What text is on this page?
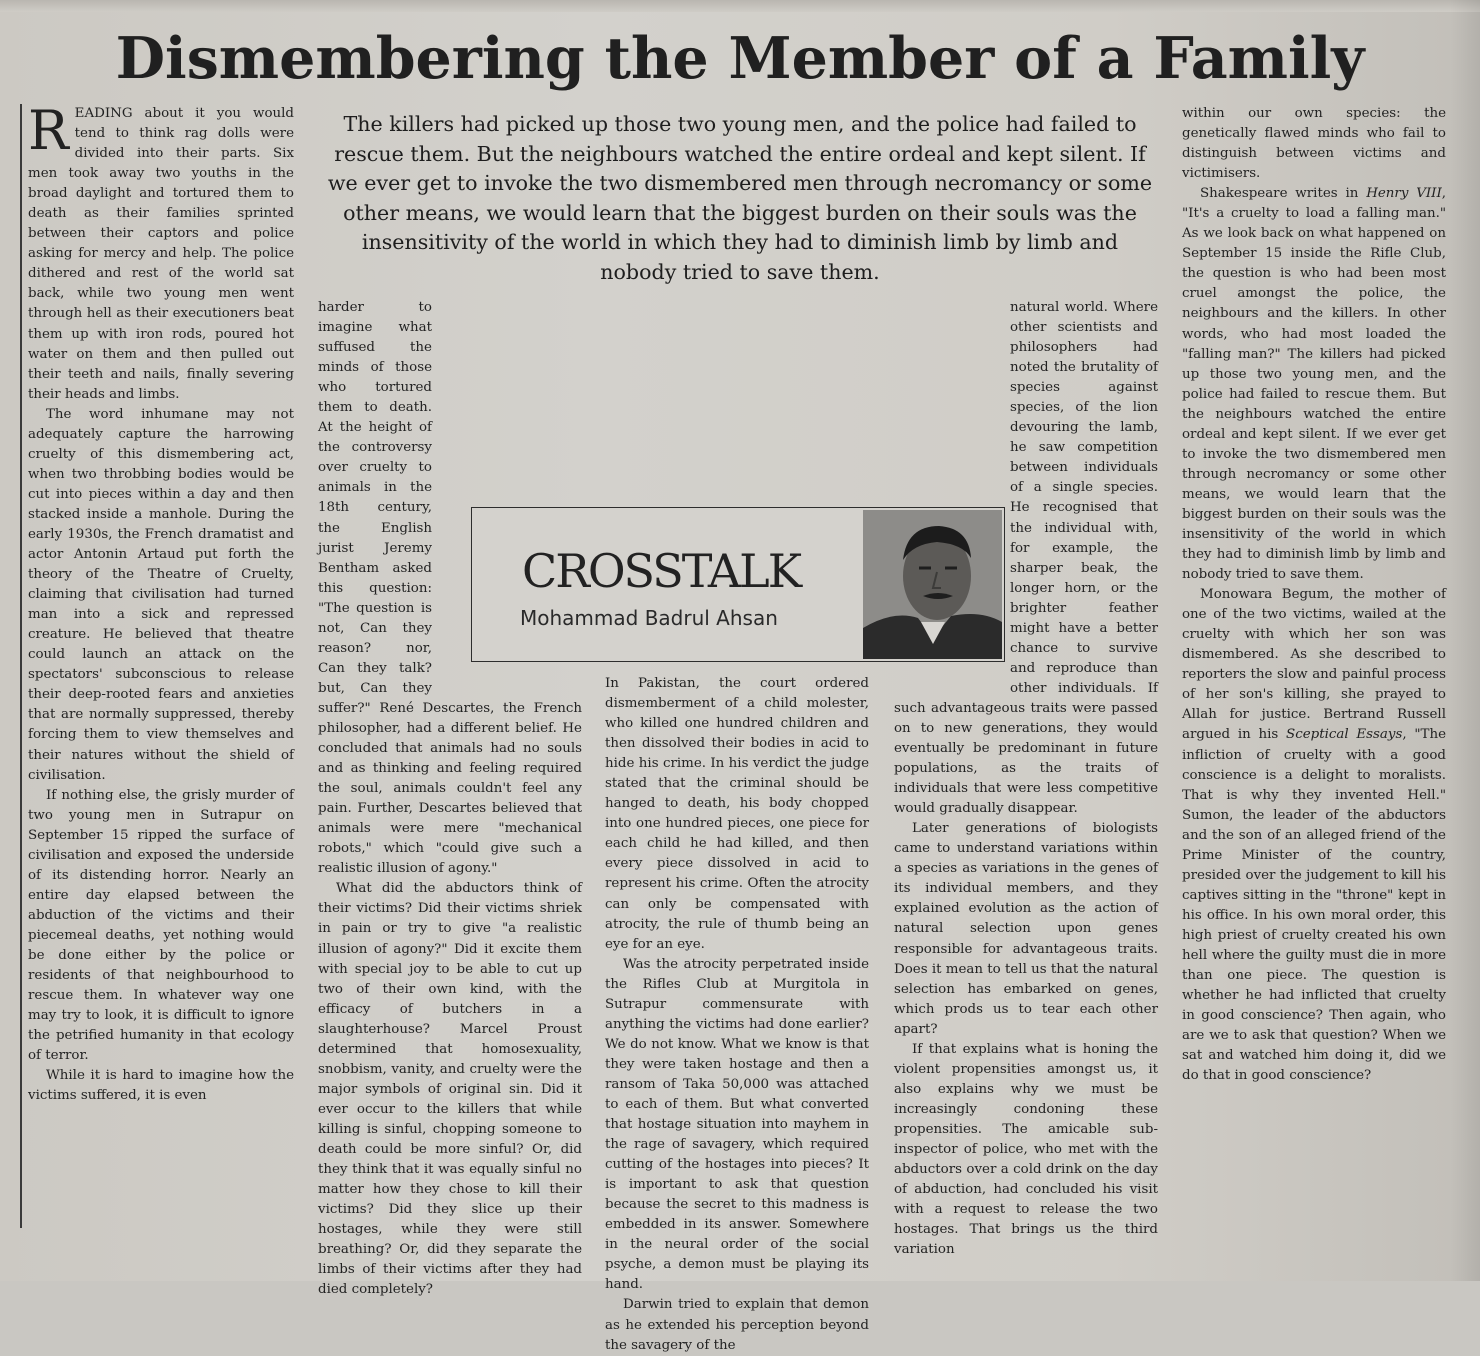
Dismembering the Member of a Family

READING about it you would tend to think rag dolls were divided into their parts. Six men took away two youths in the broad daylight and tortured them to death as their families sprinted between their captors and police asking for mercy and help. The police dithered and rest of the world sat back, while two young men went through hell as their executioners beat them up with iron rods, poured hot water on them and then pulled out their teeth and nails, finally severing their heads and limbs.

The word inhumane may not adequately capture the harrowing cruelty of this dismembering act, when two throbbing bodies would be cut into pieces within a day and then stacked inside a manhole. During the early 1930s, the French dramatist and actor Antonin Artaud put forth the theory of the Theatre of Cruelty, claiming that civilisation had turned man into a sick and repressed creature. He believed that theatre could launch an attack on the spectators' subconscious to release their deep-rooted fears and anxieties that are normally suppressed, thereby forcing them to view themselves and their natures without the shield of civilisation.

If nothing else, the grisly murder of two young men in Sutrapur on September 15 ripped the surface of civilisation and exposed the underside of its distending horror. Nearly an entire day elapsed between the abduction of the victims and their piecemeal deaths, yet nothing would be done either by the police or residents of that neighbourhood to rescue them. In whatever way one may try to look, it is difficult to ignore the petrified humanity in that ecology of terror.

While it is hard to imagine how the victims suffered, it is even

The killers had picked up those two young men, and the police had failed to rescue them. But the neighbours watched the entire ordeal and kept silent. If we ever get to invoke the two dismembered men through necromancy or some other means, we would learn that the biggest burden on their souls was the insensitivity of the world in which they had to diminish limb by limb and nobody tried to save them.

harder to imagine what suffused the minds of those who tortured them to death. At the height of the controversy over cruelty to animals in the 18th century, the English jurist Jeremy Bentham asked this question: "The question is not, Can they reason? nor, Can they talk? but, Can they suffer?" René Descartes, the French philosopher, had a different belief. He concluded that animals had no souls and as thinking and feeling required the soul, animals couldn't feel any pain. Further, Descartes believed that animals were mere "mechanical robots," which "could give such a realistic illusion of agony."

What did the abductors think of their victims? Did their victims shriek in pain or try to give "a realistic illusion of agony?" Did it excite them with special joy to be able to cut up two of their own kind, with the efficacy of butchers in a slaughterhouse? Marcel Proust determined that homosexuality, snobbism, vanity, and cruelty were the major symbols of original sin. Did it ever occur to the killers that while killing is sinful, chopping someone to death could be more sinful? Or, did they think that it was equally sinful no matter how they chose to kill their victims? Did they slice up their hostages, while they were still breathing? Or, did they separate the limbs of their victims after they had died completely?

In Pakistan, the court ordered dismemberment of a child molester, who killed one hundred children and then dissolved their bodies in acid to hide his crime. In his verdict the judge stated that the criminal should be hanged to death, his body chopped into one hundred pieces, one piece for each child he had killed, and then every piece dissolved in acid to represent his crime. Often the atrocity can only be compensated with atrocity, the rule of thumb being an eye for an eye.

Was the atrocity perpetrated inside the Rifles Club at Murgitola in Sutrapur commensurate with anything the victims had done earlier? We do not know. What we know is that they were taken hostage and then a ransom of Taka 50,000 was attached to each of them. But what converted that hostage situation into mayhem in the rage of savagery, which required cutting of the hostages into pieces? It is important to ask that question because the secret to this madness is embedded in its answer. Somewhere in the neural order of the social psyche, a demon must be playing its hand.

Darwin tried to explain that demon as he extended his perception beyond the savagery of the

natural world. Where other scientists and philosophers had noted the brutality of species against species, of the lion devouring the lamb, he saw competition between individuals of a single species. He recognised that the individual with, for example, the sharper beak, the longer horn, or the brighter feather might have a better chance to survive and reproduce than other individuals. If such advantageous traits were passed on to new generations, they would eventually be predominant in future populations, as the traits of individuals that were less competitive would gradually disappear.

Later generations of biologists came to understand variations within a species as variations in the genes of its individual members, and they explained evolution as the action of natural selection upon genes responsible for advantageous traits. Does it mean to tell us that the natural selection has embarked on genes, which prods us to tear each other apart?

If that explains what is honing the violent propensities amongst us, it also explains why we must be increasingly condoning these propensities. The amicable sub-inspector of police, who met with the abductors over a cold drink on the day of abduction, had concluded his visit with a request to release the two hostages. That brings us the third variation

within our own species: the genetically flawed minds who fail to distinguish between victims and victimisers.

Shakespeare writes in Henry VIII, "It's a cruelty to load a falling man." As we look back on what happened on September 15 inside the Rifle Club, the question is who had been most cruel amongst the police, the neighbours and the killers. In other words, who had most loaded the "falling man?" The killers had picked up those two young men, and the police had failed to rescue them. But the neighbours watched the entire ordeal and kept silent. If we ever get to invoke the two dismembered men through necromancy or some other means, we would learn that the biggest burden on their souls was the insensitivity of the world in which they had to diminish limb by limb and nobody tried to save them.

Monowara Begum, the mother of one of the two victims, wailed at the cruelty with which her son was dismembered. As she described to reporters the slow and painful process of her son's killing, she prayed to Allah for justice. Bertrand Russell argued in his Sceptical Essays, "The infliction of cruelty with a good conscience is a delight to moralists. That is why they invented Hell." Sumon, the leader of the abductors and the son of an alleged friend of the Prime Minister of the country, presided over the judgement to kill his captives sitting in the "throne" kept in his office. In his own moral order, this high priest of cruelty created his own hell where the guilty must die in more than one piece. The question is whether he had inflicted that cruelty in good conscience? Then again, who are we to ask that question? When we sat and watched him doing it, did we do that in good conscience?

CROSSTALK
Mohammad Badrul Ahsan
